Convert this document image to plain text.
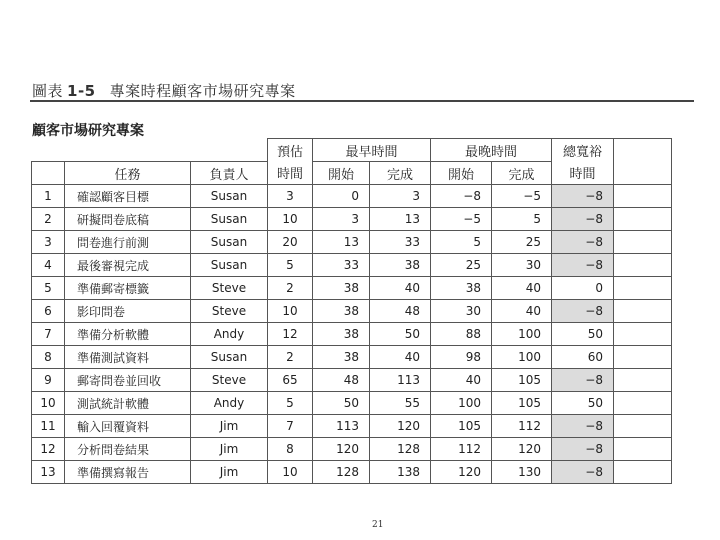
圖表 1-5 專案時程顧客市場研究專案
顧客市場研究專案
			預估	最早時間		最晚時間		總寬裕	
	任務	負責人	時間	開始	完成	開始	完成	時間	
1	確認顧客目標	Susan	3	0	3	−8	−5	−8	
2	研擬問卷底稿	Susan	10	3	13	−5	5	−8	
3	問卷進行前測	Susan	20	13	33	5	25	−8	
4	最後審視完成	Susan	5	33	38	25	30	−8	
5	準備郵寄標籤	Steve	2	38	40	38	40	0	
6	影印問卷	Steve	10	38	48	30	40	−8	
7	準備分析軟體	Andy	12	38	50	88	100	50	
8	準備測試資料	Susan	2	38	40	98	100	60	
9	郵寄問卷並回收	Steve	65	48	113	40	105	−8	
10	測試統計軟體	Andy	5	50	55	100	105	50	
11	輸入回覆資料	Jim	7	113	120	105	112	−8	
12	分析問卷結果	Jim	8	120	128	112	120	−8	
13	準備撰寫報告	Jim	10	128	138	120	130	−8	
21
